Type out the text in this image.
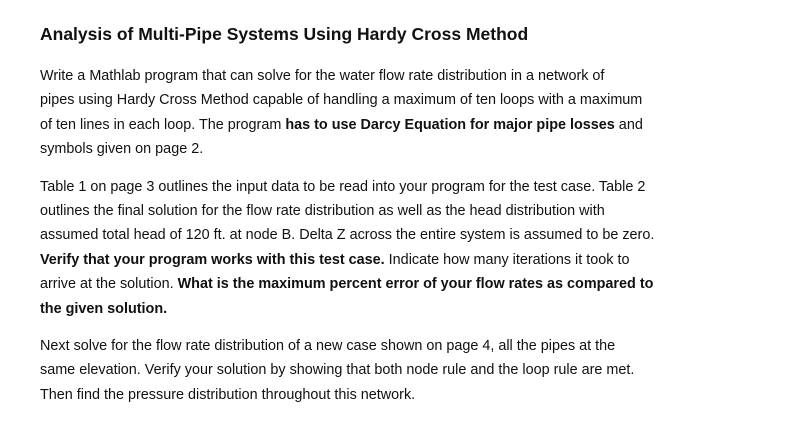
Analysis of Multi-Pipe Systems Using Hardy Cross Method

Write a Mathlab program that can solve for the water flow rate distribution in a network of
pipes using Hardy Cross Method capable of handling a maximum of ten loops with a maximum
of ten lines in each loop. The program has to use Darcy Equation for major pipe losses and
symbols given on page 2.

Table 1 on page 3 outlines the input data to be read into your program for the test case. Table 2
outlines the final solution for the flow rate distribution as well as the head distribution with
assumed total head of 120 ft. at node B. Delta Z across the entire system is assumed to be zero.
Verify that your program works with this test case. Indicate how many iterations it took to
arrive at the solution. What is the maximum percent error of your flow rates as compared to
the given solution.

Next solve for the flow rate distribution of a new case shown on page 4, all the pipes at the
same elevation. Verify your solution by showing that both node rule and the loop rule are met.
Then find the pressure distribution throughout this network.
